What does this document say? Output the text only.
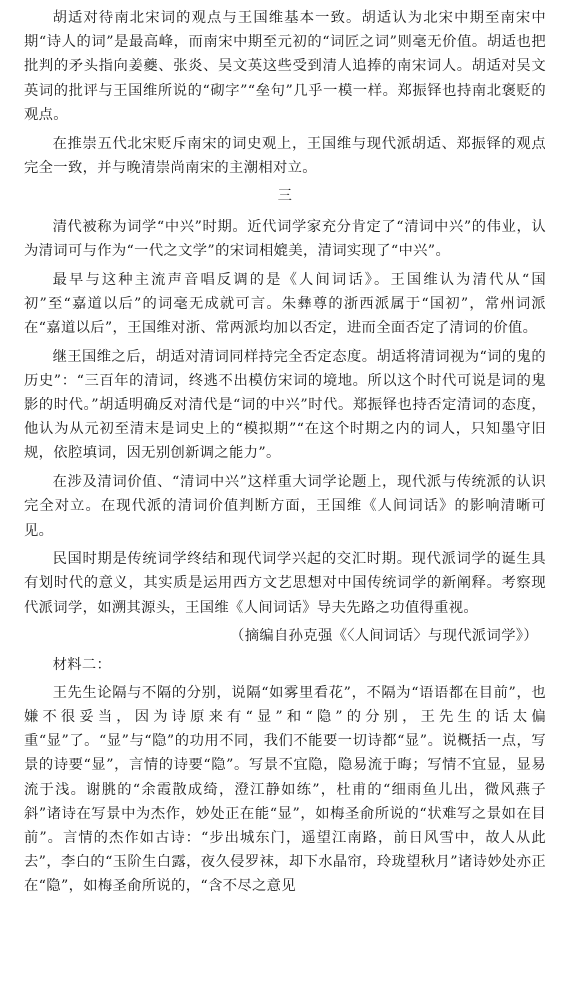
胡适对待南北宋词的观点与王国维基本一致。胡适认为北宋中期至南宋中期“诗人的词”是最高峰，而南宋中期至元初的“词匠之词”则毫无价值。胡适也把批判的矛头指向姜夔、张炎、吴文英这些受到清人追捧的南宋词人。胡适对吴文英词的批评与王国维所说的“砌字”“垒句”几乎一模一样。郑振铎也持南北褒贬的观点。

在推崇五代北宋贬斥南宋的词史观上，王国维与现代派胡适、郑振铎的观点完全一致，并与晚清崇尚南宋的主潮相对立。

三

清代被称为词学“中兴”时期。近代词学家充分肯定了“清词中兴”的伟业，认为清词可与作为“一代之文学”的宋词相媲美，清词实现了“中兴”。

最早与这种主流声音唱反调的是《人间词话》。王国维认为清代从“国初”至“嘉道以后”的词毫无成就可言。朱彝尊的浙西派属于“国初”，常州词派在“嘉道以后”，王国维对浙、常两派均加以否定，进而全面否定了清词的价值。

继王国维之后，胡适对清词同样持完全否定态度。胡适将清词视为“词的鬼的历史”：“三百年的清词，终逃不出模仿宋词的境地。所以这个时代可说是词的鬼影的时代。”胡适明确反对清代是“词的中兴”时代。郑振铎也持否定清词的态度，他认为从元初至清末是词史上的“模拟期”“在这个时期之内的词人，只知墨守旧规，依腔填词，因无别创新调之能力”。

在涉及清词价值、“清词中兴”这样重大词学论题上，现代派与传统派的认识完全对立。在现代派的清词价值判断方面，王国维《人间词话》的影响清晰可见。

民国时期是传统词学终结和现代词学兴起的交汇时期。现代派词学的诞生具有划时代的意义，其实质是运用西方文艺思想对中国传统词学的新阐释。考察现代派词学，如溯其源头，王国维《人间词话》导夫先路之功值得重视。

（摘编自孙克强《〈人间词话〉与现代派词学》）

材料二：

王先生论隔与不隔的分别，说隔“如雾里看花”，不隔为“语语都在目前”，也嫌不很妥当，因为诗原来有“显”和“隐”的分别，王先生的话太偏重“显”了。“显”与“隐”的功用不同，我们不能要一切诗都“显”。说概括一点，写景的诗要“显”，言情的诗要“隐”。写景不宜隐，隐易流于晦；写情不宜显，显易流于浅。谢朓的“余霞散成绮，澄江静如练”，杜甫的“细雨鱼儿出，微风燕子斜”诸诗在写景中为杰作，妙处正在能“显”，如梅圣俞所说的“状难写之景如在目前”。言情的杰作如古诗：“步出城东门，遥望江南路，前日风雪中，故人从此去”，李白的“玉阶生白露，夜久侵罗袜，却下水晶帘，玲珑望秋月”诸诗妙处亦正在“隐”，如梅圣俞所说的，“含不尽之意见
